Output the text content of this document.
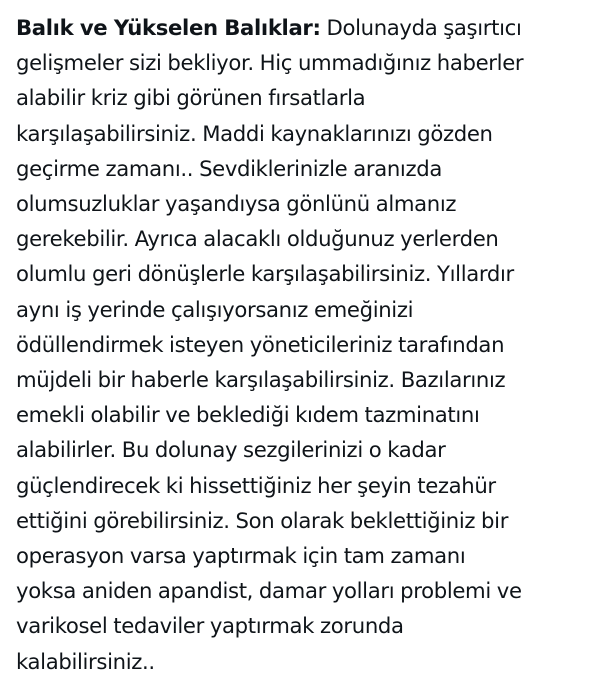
Balık ve Yükselen Balıklar: Dolunayda şaşırtıcı
gelişmeler sizi bekliyor. Hiç ummadığınız haberler
alabilir kriz gibi görünen fırsatlarla
karşılaşabilirsiniz. Maddi kaynaklarınızı gözden
geçirme zamanı.. Sevdiklerinizle aranızda
olumsuzluklar yaşandıysa gönlünü almanız
gerekebilir. Ayrıca alacaklı olduğunuz yerlerden
olumlu geri dönüşlerle karşılaşabilirsiniz. Yıllardır
aynı iş yerinde çalışıyorsanız emeğinizi
ödüllendirmek isteyen yöneticileriniz tarafından
müjdeli bir haberle karşılaşabilirsiniz. Bazılarınız
emekli olabilir ve beklediği kıdem tazminatını
alabilirler. Bu dolunay sezgilerinizi o kadar
güçlendirecek ki hissettiğiniz her şeyin tezahür
ettiğini görebilirsiniz. Son olarak beklettiğiniz bir
operasyon varsa yaptırmak için tam zamanı
yoksa aniden apandist, damar yolları problemi ve
varikosel tedaviler yaptırmak zorunda
kalabilirsiniz..
